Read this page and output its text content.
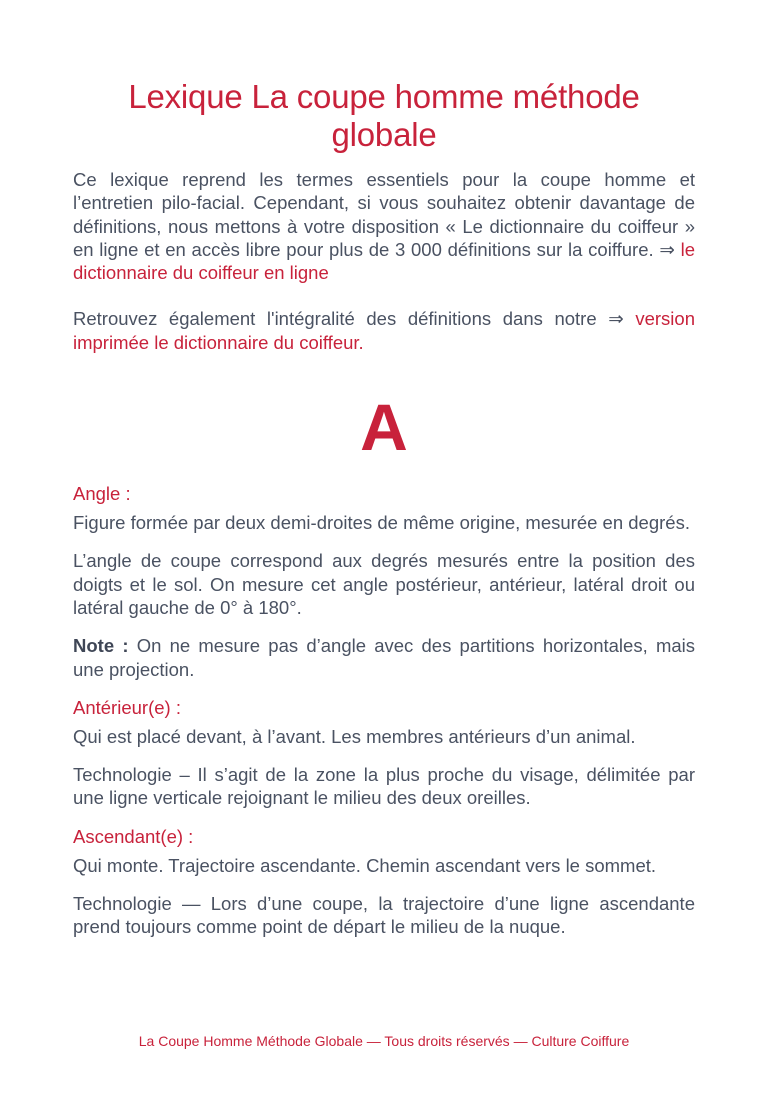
Lexique La coupe homme méthode globale

Ce lexique reprend les termes essentiels pour la coupe homme et l’entretien pilo-facial. Cependant, si vous souhaitez obtenir davantage de définitions, nous mettons à votre disposition « Le dictionnaire du coiffeur » en ligne et en accès libre pour plus de 3 000 définitions sur la coiffure. ⇒ le dictionnaire du coiffeur en ligne

Retrouvez également l'intégralité des définitions dans notre ⇒ version imprimée le dictionnaire du coiffeur.

A
Angle :

Figure formée par deux demi-droites de même origine, mesurée en degrés.

L’angle de coupe correspond aux degrés mesurés entre la position des doigts et le sol. On mesure cet angle postérieur, antérieur, latéral droit ou latéral gauche de 0° à 180°.

Note : On ne mesure pas d’angle avec des partitions horizontales, mais une projection.

Antérieur(e) :

Qui est placé devant, à l’avant. Les membres antérieurs d’un animal.

Technologie – Il s’agit de la zone la plus proche du visage, délimitée par une ligne verticale rejoignant le milieu des deux oreilles.

Ascendant(e) :

Qui monte. Trajectoire ascendante. Chemin ascendant vers le sommet.

Technologie — Lors d’une coupe, la trajectoire d’une ligne ascendante prend toujours comme point de départ le milieu de la nuque.

La Coupe Homme Méthode Globale — Tous droits réservés — Culture Coiffure
